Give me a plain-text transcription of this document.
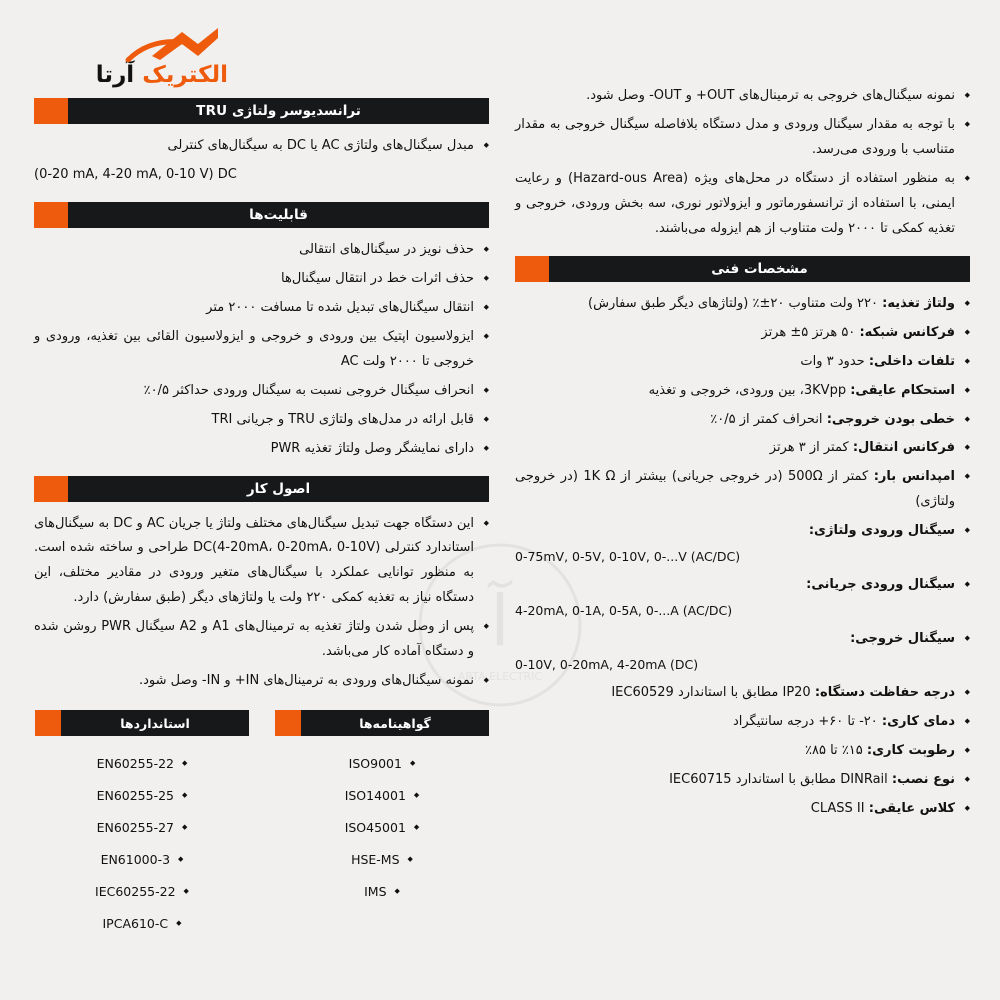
الکتریک آرتا
آ
ARTA ELECTRIC
◆ نمونه سیگنال‌های خروجی به ترمینال‌های OUT+ و OUT- وصل شود.
◆ با توجه به مقدار سیگنال ورودی و مدل دستگاه بلافاصله سیگنال خروجی به مقدار متناسب با ورودی می‌رسد.
◆ به منظور استفاده از دستگاه در محل‌های ویژه (Hazard-ous Area) و رعایت ایمنی، با استفاده از ترانسفورماتور و ایزولاتور نوری، سه بخش ورودی، خروجی و تغذیه کمکی تا ۲۰۰۰ ولت متناوب از هم ایزوله می‌باشند.
مشخصات فنی
◆ ولتاژ تغذیه: ۲۲۰ ولت متناوب ۲۰±٪ (ولتاژهای دیگر طبق سفارش)
◆ فرکانس شبکه: ۵۰ هرتز ۵± هرتز
◆ تلفات داخلی: حدود ۳ وات
◆ استحکام عایقی: 3KVpp، بین ورودی، خروجی و تغذیه
◆ خطی بودن خروجی: انحراف کمتر از ۰/۵٪
◆ فرکانس انتقال: کمتر از ۳ هرتز
◆ امپدانس بار: کمتر از 500Ω (در خروجی جریانی) بیشتر از 1K Ω (در خروجی ولتاژی)
◆ سیگنال ورودی ولتاژی:
0-75mV, 0-5V, 0-10V, 0-...V (AC/DC)
◆ سیگنال ورودی جریانی:
4-20mA, 0-1A, 0-5A, 0-...A (AC/DC)
◆ سیگنال خروجی:
0-10V, 0-20mA, 4-20mA (DC)
◆ درجه حفاظت دستگاه: IP20 مطابق با استاندارد IEC60529
◆ دمای کاری: ۲۰- تا ۶۰+ درجه سانتیگراد
◆ رطوبت کاری: ۱۵٪ تا ۸۵٪
◆ نوع نصب: DINRail مطابق با استاندارد IEC60715
◆ کلاس عایقی: CLASS II
ترانسدیوسر ولتاژی TRU
◆ مبدل سیگنال‌های ولتاژی AC یا DC به سیگنال‌های کنترلی
(0-20 mA, 4-20 mA, 0-10 V) DC
قابلیت‌ها
◆ حذف نویز در سیگنال‌های انتقالی
◆ حذف اثرات خط در انتقال سیگنال‌ها
◆ انتقال سیگنال‌های تبدیل شده تا مسافت ۲۰۰۰ متر
◆ ایزولاسیون اپتیک بین ورودی و خروجی و ایزولاسیون القائی بین تغذیه، ورودی و خروجی تا ۲۰۰۰ ولت AC
◆ انحراف سیگنال خروجی نسبت به سیگنال ورودی حداکثر ۰/۵٪
◆ قابل ارائه در مدل‌های ولتاژی TRU و جریانی TRI
◆ دارای نمایشگر وصل ولتاژ تغذیه PWR
اصول کار
◆ این دستگاه جهت تبدیل سیگنال‌های مختلف ولتاژ یا جریان AC و DC به سیگنال‌های استاندارد کنترلی DC(4-20mA، 0-20mA، 0-10V) طراحی و ساخته شده است. به منظور توانایی عملکرد با سیگنال‌های متغیر ورودی در مقادیر مختلف، این دستگاه نیاز به تغذیه کمکی ۲۲۰ ولت یا ولتاژهای دیگر (طبق سفارش) دارد.
◆ پس از وصل شدن ولتاژ تغذیه به ترمینال‌های A1 و A2 سیگنال PWR روشن شده و دستگاه آماده کار می‌باشد.
◆ نمونه سیگنال‌های ورودی به ترمینال‌های IN+ و IN- وصل شود.
گواهینامه‌ها
ISO9001 ◆
ISO14001 ◆
ISO45001 ◆
HSE-MS ◆
IMS ◆
استانداردها
EN60255-22 ◆
EN60255-25 ◆
EN60255-27 ◆
EN61000-3 ◆
IEC60255-22 ◆
IPCA610-C ◆
